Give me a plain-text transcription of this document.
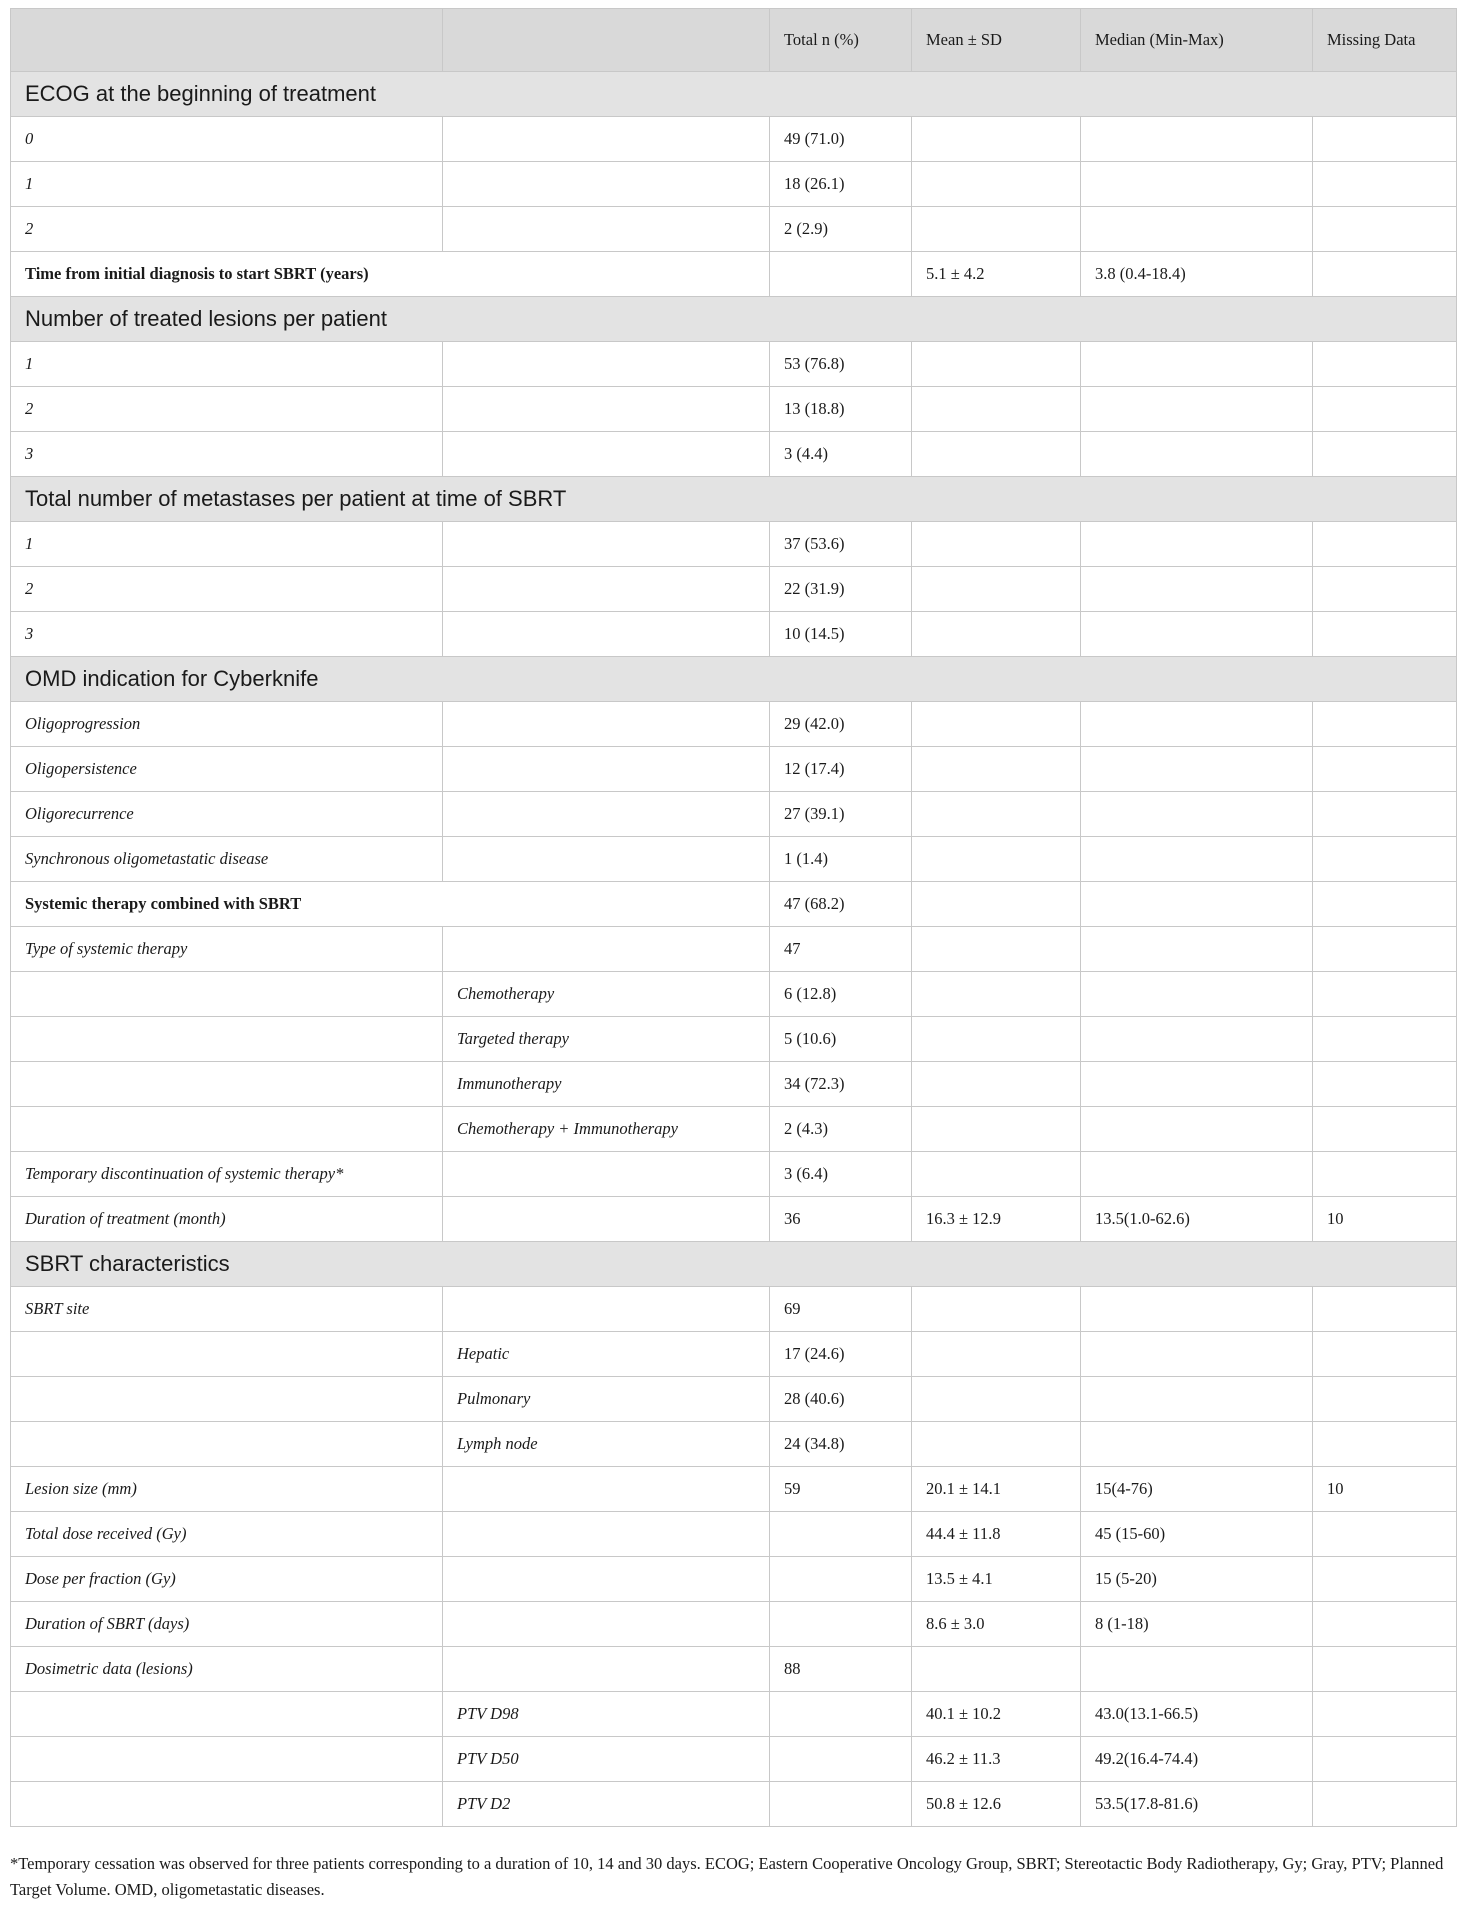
		Total n (%)	Mean ± SD	Median (Min-Max)	Missing Data
ECOG at the beginning of treatment					
0		49 (71.0)			
1		18 (26.1)			
2		2 (2.9)			
Time from initial diagnosis to start SBRT (years)			5.1 ± 4.2	3.8 (0.4-18.4)	
Number of treated lesions per patient					
1		53 (76.8)			
2		13 (18.8)			
3		3 (4.4)			
Total number of metastases per patient at time of SBRT					
1		37 (53.6)			
2		22 (31.9)			
3		10 (14.5)			
OMD indication for Cyberknife					
Oligoprogression		29 (42.0)			
Oligopersistence		12 (17.4)			
Oligorecurrence		27 (39.1)			
Synchronous oligometastatic disease		1 (1.4)			
Systemic therapy combined with SBRT		47 (68.2)			
Type of systemic therapy		47			
	Chemotherapy	6 (12.8)			
	Targeted therapy	5 (10.6)			
	Immunotherapy	34 (72.3)			
	Chemotherapy + Immunotherapy	2 (4.3)			
Temporary discontinuation of systemic therapy*		3 (6.4)			
Duration of treatment (month)		36	16.3 ± 12.9	13.5(1.0-62.6)	10
SBRT characteristics					
SBRT site		69			
	Hepatic	17 (24.6)			
	Pulmonary	28 (40.6)			
	Lymph node	24 (34.8)			
Lesion size (mm)		59	20.1 ± 14.1	15(4-76)	10
Total dose received (Gy)			44.4 ± 11.8	45 (15-60)	
Dose per fraction (Gy)			13.5 ± 4.1	15 (5-20)	
Duration of SBRT (days)			8.6 ± 3.0	8 (1-18)	
Dosimetric data (lesions)		88			
	PTV D98		40.1 ± 10.2	43.0(13.1-66.5)	
	PTV D50		46.2 ± 11.3	49.2(16.4-74.4)	
	PTV D2		50.8 ± 12.6	53.5(17.8-81.6)	
*Temporary cessation was observed for three patients corresponding to a duration of 10, 14 and 30 days. ECOG; Eastern Cooperative Oncology Group, SBRT; Stereotactic Body Radiotherapy, Gy; Gray, PTV; Planned Target Volume. OMD, oligometastatic diseases.
